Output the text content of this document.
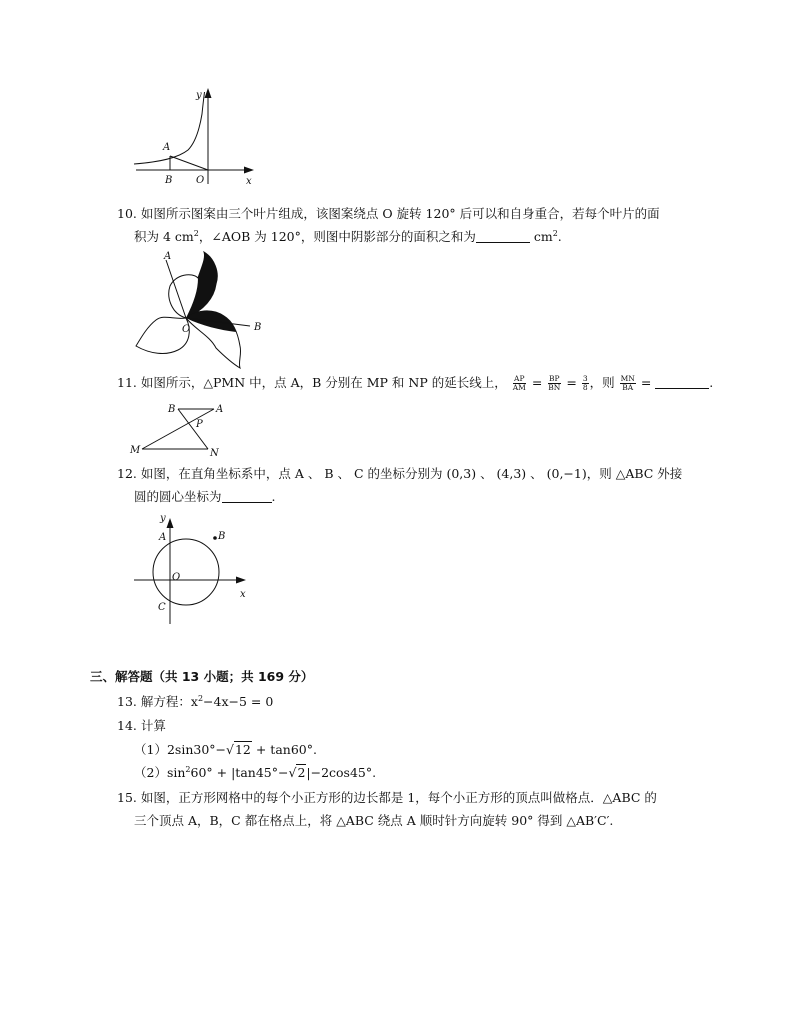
y
x
A
B O
10. 如图所示图案由三个叶片组成，该图案绕点 O 旋转 120° 后可以和自身重合，若每个叶片的面
积为 4 $cm^2$，∠AOB 为 120°，则图中阴影部分的面积之和为	$cm^2$.
A
B
O
11. 如图所示，△PMN 中，点 A，B 分别在 MP 和 NP 的延长线上， $\frac{AP}{AM} = \frac{BP}{BN} = \frac{3}{8}$ ，则 $\frac{MN}{BA}$ =	.
B	A
P
M	N
12. 如图，在直角坐标系中，点 A 、 B 、 C 的坐标分别为 (0,3) 、 (4,3) 、 (0,−1)，则 △ABC 外接
圆的圆心坐标为	.
y
x
A	B
O
C
三、解答题（共 13 小题；共 169 分）
13. 解方程：$x^2-4x-5 = 0$
14. 计算
（1）2sin30°−√12 + tan60°.
$(2)\sin^260^\circ + |\tan 45^\circ-√2|-2\cos 45^\circ$.
15. 如图，正方形网格中的每个小正方形的边长都是 1，每个小正方形的顶点叫做格点．△ABC 的
三个顶点 A，B，C 都在格点上，将 △ABC 绕点 A 顺时针方向旋转 90° 得到 △AB′C′.
